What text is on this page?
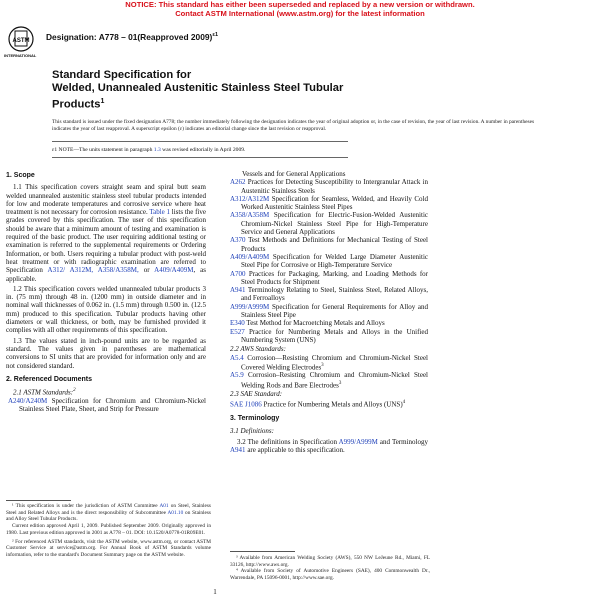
NOTICE: This standard has either been superseded and replaced by a new version or withdrawn.
Contact ASTM International (www.astm.org) for the latest information
ASTM
INTERNATIONAL
Designation: A778 – 01(Reapproved 2009)$^{\varepsilon 1}$
Standard Specification for
Welded, Unannealed Austenitic Stainless Steel Tubular
Products$^1$
This standard is issued under the fixed designation A778; the number immediately following the designation indicates the year of original adoption or, in the case of revision, the year of last revision. A number in parentheses indicates the year of last reapproval. A superscript epsilon (ε) indicates an editorial change since the last revision or reapproval.
ε1 NOTE—The units statement in paragraph 1.3 was revised editorially in April 2009.

1. Scope

1.1 This specification covers straight seam and spiral butt seam welded unannealed austenitic stainless steel tubular products intended for low and moderate temperatures and corrosive service where heat treatment is not necessary for corrosion resistance. Table 1 lists the five grades covered by this specification. The user of this specification should be aware that a minimum amount of testing and examination is required of the basic product. The user requiring additional testing or examination is referred to the supplemental requirements or Ordering Information, or both. Users requiring a tubular product with post-weld heat treatment or with radiographic examination are referred to Specification A312/ A312M, A358/A358M, or A409/A409M, as applicable.

1.2 This specification covers welded unannealed tubular products 3 in. (75 mm) through 48 in. (1200 mm) in outside diameter and in nominal wall thicknesses of 0.062 in. (1.5 mm) through 0.500 in. (12.5 mm) produced to this specification. Tubular products having other diameters or wall thickness, or both, may be furnished provided it complies with all other requirements of this specification.

1.3 The values stated in inch-pound units are to be regarded as standard. The values given in parentheses are mathematical conversions to SI units that are provided for information only and are not considered standard.

2. Referenced Documents

2.1 ASTM Standards:$^2$

A240/A240M Specification for Chromium and Chromium-Nickel Stainless Steel Plate, Sheet, and Strip for Pressure

Vessels and for General Applications

A262 Practices for Detecting Susceptibility to Intergranular Attack in Austenitic Stainless Steels

A312/A312M Specification for Seamless, Welded, and Heavily Cold Worked Austenitic Stainless Steel Pipes

A358/A358M Specification for Electric-Fusion-Welded Austenitic Chromium-Nickel Stainless Steel Pipe for High-Temperature Service and General Applications

A370 Test Methods and Definitions for Mechanical Testing of Steel Products

A409/A409M Specification for Welded Large Diameter Austenitic Steel Pipe for Corrosive or High-Temperature Service

A700 Practices for Packaging, Marking, and Loading Methods for Steel Products for Shipment

A941 Terminology Relating to Steel, Stainless Steel, Related Alloys, and Ferroalloys

A999/A999M Specification for General Requirements for Alloy and Stainless Steel Pipe

E340 Test Method for Macroetching Metals and Alloys

E527 Practice for Numbering Metals and Alloys in the Unified Numbering System (UNS)

2.2 AWS Standards:

A5.4 Corrosion—Resisting Chromium and Chromium-Nickel Steel Covered Welding Electrodes$^3$

A5.9 Corrosion–Resisting Chromium and Chromium-Nickel Steel Welding Rods and Bare Electrodes$^3$

2.3 SAE Standard:

SAE J1086 Practice for Numbering Metals and Alloys (UNS)$^4$

3. Terminology

3.1 Definitions:

3.2 The definitions in Specification A999/A999M and Terminology A941 are applicable to this specification.

¹ This specification is under the jurisdiction of ASTM Committee A01 on Steel, Stainless Steel and Related Alloys and is the direct responsibility of Subcommittee A01.10 on Stainless and Alloy Steel Tubular Products.

Current edition approved April 1, 2009. Published September 2009. Originally approved in 1980. Last previous edition approved in 2001 as A778 – 01. DOI: 10.1520/A0778-01R09E01.

² For referenced ASTM standards, visit the ASTM website, www.astm.org, or contact ASTM Customer Service at service@astm.org. For Annual Book of ASTM Standards volume information, refer to the standard's Document Summary page on the ASTM website.

³ Available from American Welding Society (AWS), 550 NW LeJeune Rd., Miami, FL 33126, http://www.aws.org.

⁴ Available from Society of Automotive Engineers (SAE), 400 Commonwealth Dr., Warrendale, PA 15096-0001, http://www.sae.org.

1
